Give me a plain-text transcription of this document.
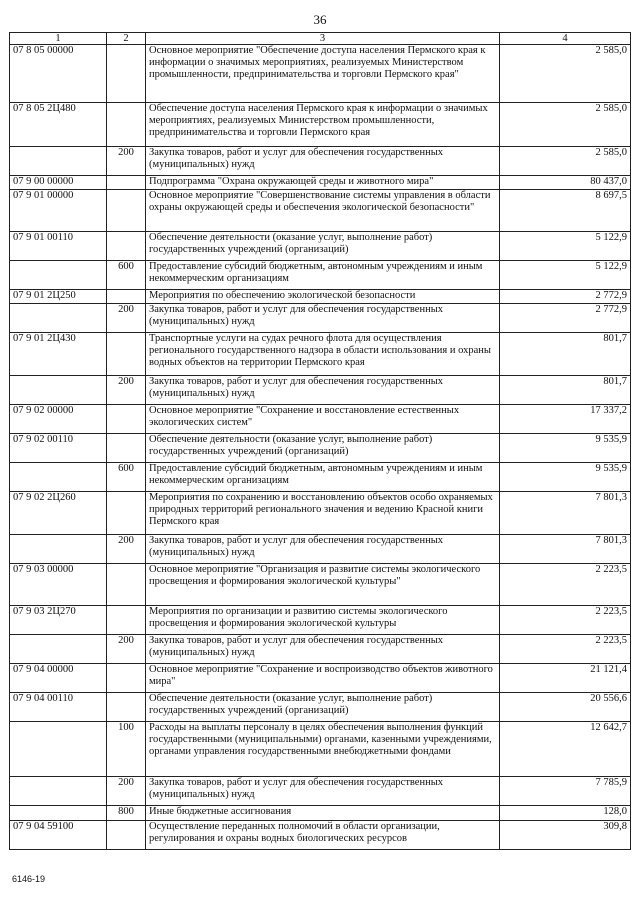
36
1	2	3	4
07 8 05 00000		Основное мероприятие "Обеспечение доступа населения Пермского края к информации о значимых мероприятиях, реализуемых Министерством промышленности, предпринимательства и торговли Пермского края"	2 585,0
07 8 05 2Ц480		Обеспечение доступа населения Пермского края к информации о значимых мероприятиях, реализуемых Министерством промышленности, предпринимательства и торговли Пермского края	2 585,0
	200	Закупка товаров, работ и услуг для обеспечения государственных (муниципальных) нужд	2 585,0
07 9 00 00000		Подпрограмма "Охрана окружающей среды и животного мира"	80 437,0
07 9 01 00000		Основное мероприятие "Совершенствование системы управления в области охраны окружающей среды и обеспечения экологической безопасности"	8 697,5
07 9 01 00110		Обеспечение деятельности (оказание услуг, выполнение работ) государственных учреждений (организаций)	5 122,9
	600	Предоставление субсидий бюджетным, автономным учреждениям и иным некоммерческим организациям	5 122,9
07 9 01 2Ц250		Мероприятия по обеспечению экологической безопасности	2 772,9
	200	Закупка товаров, работ и услуг для обеспечения государственных (муниципальных) нужд	2 772,9
07 9 01 2Ц430		Транспортные услуги на судах речного флота для осуществления регионального государственного надзора в области использования и охраны водных объектов на территории Пермского края	801,7
	200	Закупка товаров, работ и услуг для обеспечения государственных (муниципальных) нужд	801,7
07 9 02 00000		Основное мероприятие "Сохранение и восстановление естественных экологических систем"	17 337,2
07 9 02 00110		Обеспечение деятельности (оказание услуг, выполнение работ) государственных учреждений (организаций)	9 535,9
	600	Предоставление субсидий бюджетным, автономным учреждениям и иным некоммерческим организациям	9 535,9
07 9 02 2Ц260		Мероприятия по сохранению и восстановлению объектов особо охраняемых природных территорий регионального значения и ведению Красной книги Пермского края	7 801,3
	200	Закупка товаров, работ и услуг для обеспечения государственных (муниципальных) нужд	7 801,3
07 9 03 00000		Основное мероприятие "Организация и развитие системы экологического просвещения и формирования экологической культуры"	2 223,5
07 9 03 2Ц270		Мероприятия по организации и развитию системы экологического просвещения и формирования экологической культуры	2 223,5
	200	Закупка товаров, работ и услуг для обеспечения государственных (муниципальных) нужд	2 223,5
07 9 04 00000		Основное мероприятие "Сохранение и воспроизводство объектов животного мира"	21 121,4
07 9 04 00110		Обеспечение деятельности (оказание услуг, выполнение работ) государственных учреждений (организаций)	20 556,6
	100	Расходы на выплаты персоналу в целях обеспечения выполнения функций государственными (муниципальными) органами, казенными учреждениями, органами управления государственными внебюджетными фондами	12 642,7
	200	Закупка товаров, работ и услуг для обеспечения государственных (муниципальных) нужд	7 785,9
	800	Иные бюджетные ассигнования	128,0
07 9 04 59100		Осуществление переданных полномочий в области организации, регулирования и охраны водных биологических ресурсов	309,8
6146-19
